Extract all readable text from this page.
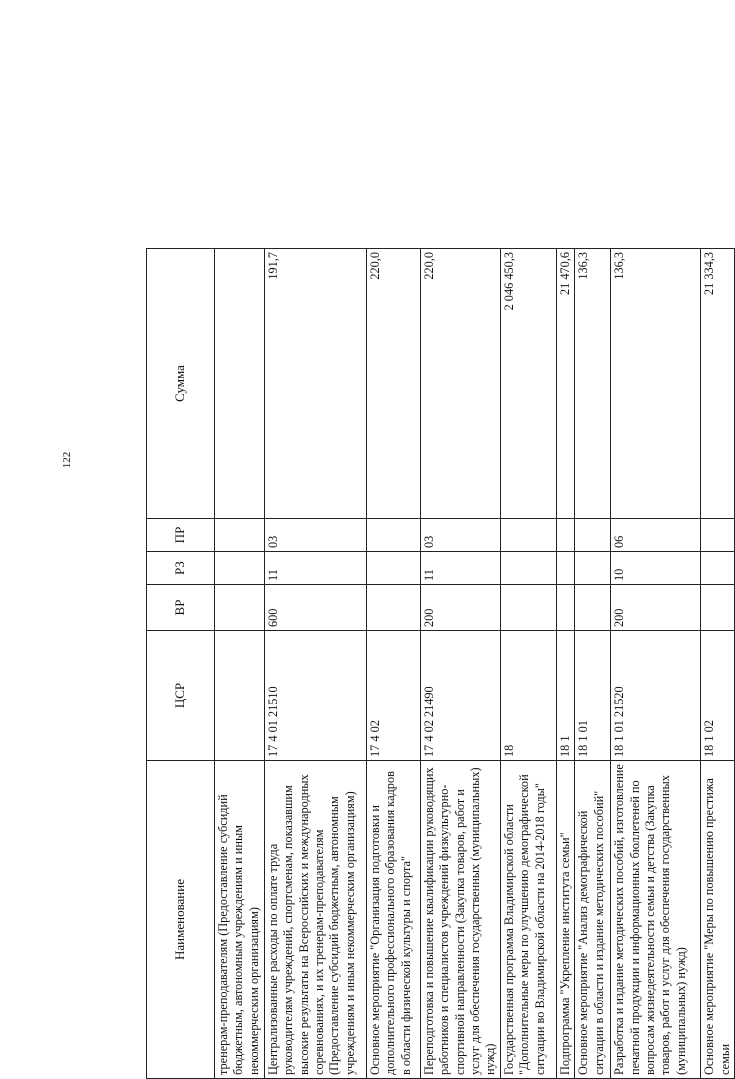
122
Наименование	ЦСР	ВР	РЗ	ПР	Сумма
тренерам-преподавателям (Предоставление субсидий бюджетным, автономным учреждениям и иным некоммерческим организациям)					
Централизованные расходы по оплате труда руководителям учреждений, спортсменам, показавшим высокие результаты на Всероссийских и международных соревнованиях, и их тренерам-преподавателям (Предоставление субсидий бюджетным, автономным учреждениям и иным некоммерческим организациям)	17 4 01 21510	600	11	03	191,7
Основное мероприятие "Организация подготовки и дополнительного профессионального образования кадров в области физической культуры и спорта"	17 4 02				220,0
Переподготовка и повышение квалификации руководящих работников и специалистов учреждений физкультурно-спортивной направленности (Закупка товаров, работ и услуг для обеспечения государственных (муниципальных) нужд)	17 4 02 21490	200	11	03	220,0
Государственная программа Владимирской области "Дополнительные меры по улучшению демографической ситуации во Владимирской области на 2014-2018 годы"	18				2 046 450,3
Подпрограмма "Укрепление института семьи"	18 1				21 470,6
Основное мероприятие "Анализ демографической ситуации в области и издание методических пособий"	18 1 01				136,3
Разработка и издание методических пособий, изготовление печатной продукции и информационных бюллетеней по вопросам жизнедеятельности семьи и детства (Закупка товаров, работ и услуг для обеспечения государственных (муниципальных) нужд)	18 1 01 21520	200	10	06	136,3
Основное мероприятие "Меры по повышению престижа семьи	18 1 02				21 334,3
